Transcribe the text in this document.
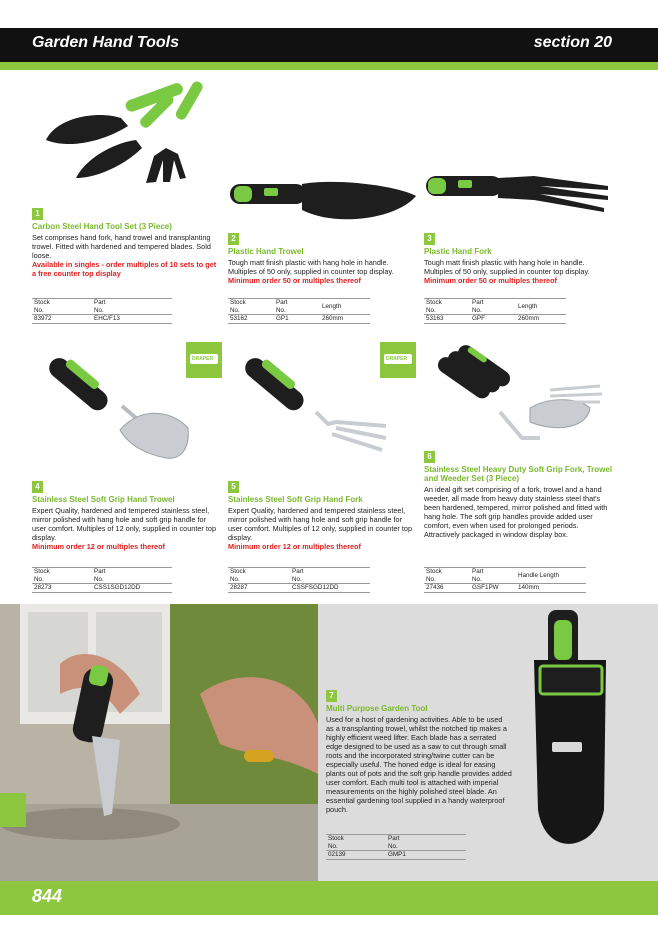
Garden Hand Tools	section 20
DRAPER	DRAPER
1
Carbon Steel Hand Tool Set (3 Piece)
Set comprises hand fork, hand trowel and transplanting trowel. Fitted with hardened and tempered blades. Sold loose.
Available in singles - order multiples of 10 sets to get a free counter top display
2
Plastic Hand Trowel
Tough matt finish plastic with hang hole in handle. Multiples of 50 only, supplied in counter top display.
Minimum order 50 or multiples thereof
3
Plastic Hand Fork
Tough matt finish plastic with hang hole in handle. Multiples of 50 only, supplied in counter top display.
Minimum order 50 or multiples thereof
4
Stainless Steel Soft Grip Hand Trowel
Expert Quality, hardened and tempered stainless steel, mirror polished with hang hole and soft grip handle for user comfort. Multiples of 12 only, supplied in counter top display.
Minimum order 12 or multiples thereof
5
Stainless Steel Soft Grip Hand Fork
Expert Quality, hardened and tempered stainless steel, mirror polished with hang hole and soft grip handle for user comfort. Multiples of 12 only, supplied in counter top display.
Minimum order 12 or multiples thereof
6
Stainless Steel Heavy Duty Soft Grip Fork, Trowel and Weeder Set (3 Piece)
An ideal gift set comprising of a fork, trowel and a hand weeder, all made from heavy duty stainless steel that's been hardened, tempered, mirror polished and fitted with hang hole. The soft grip handles provide added user comfort, even when used for prolonged periods. Attractively packaged in window display box.
7
Multi Purpose Garden Tool
Used for a host of gardening activities. Able to be used as a transplanting trowel, whilst the notched tip makes a highly efficient weed lifter. Each blade has a serrated edge designed to be used as a saw to cut through small roots and the incorporated string/twine cutter can be especially useful. The honed edge is ideal for easing plants out of pots and the soft grip handle provides added user comfort. Each multi tool is attached with imperial measurements on the highly polished steel blade. An essential gardening tool supplied in a handy waterproof pouch.
844
Stock
No.	Part
No.
83972	EHC/F13
Stock
No.	Part
No.	Length
53162	GP1	260mm
Stock
No.	Part
No.	Length
53163	GPF	260mm
Stock
No.	Part
No.
28273	CSS1SGD12DD
Stock
No.	Part
No.
28287	CSSFSGD12DD
Stock
No.	Part
No.	Handle Length
27436	GSF1PW	140mm
Stock
No.	Part
No.
02139	GMP1
